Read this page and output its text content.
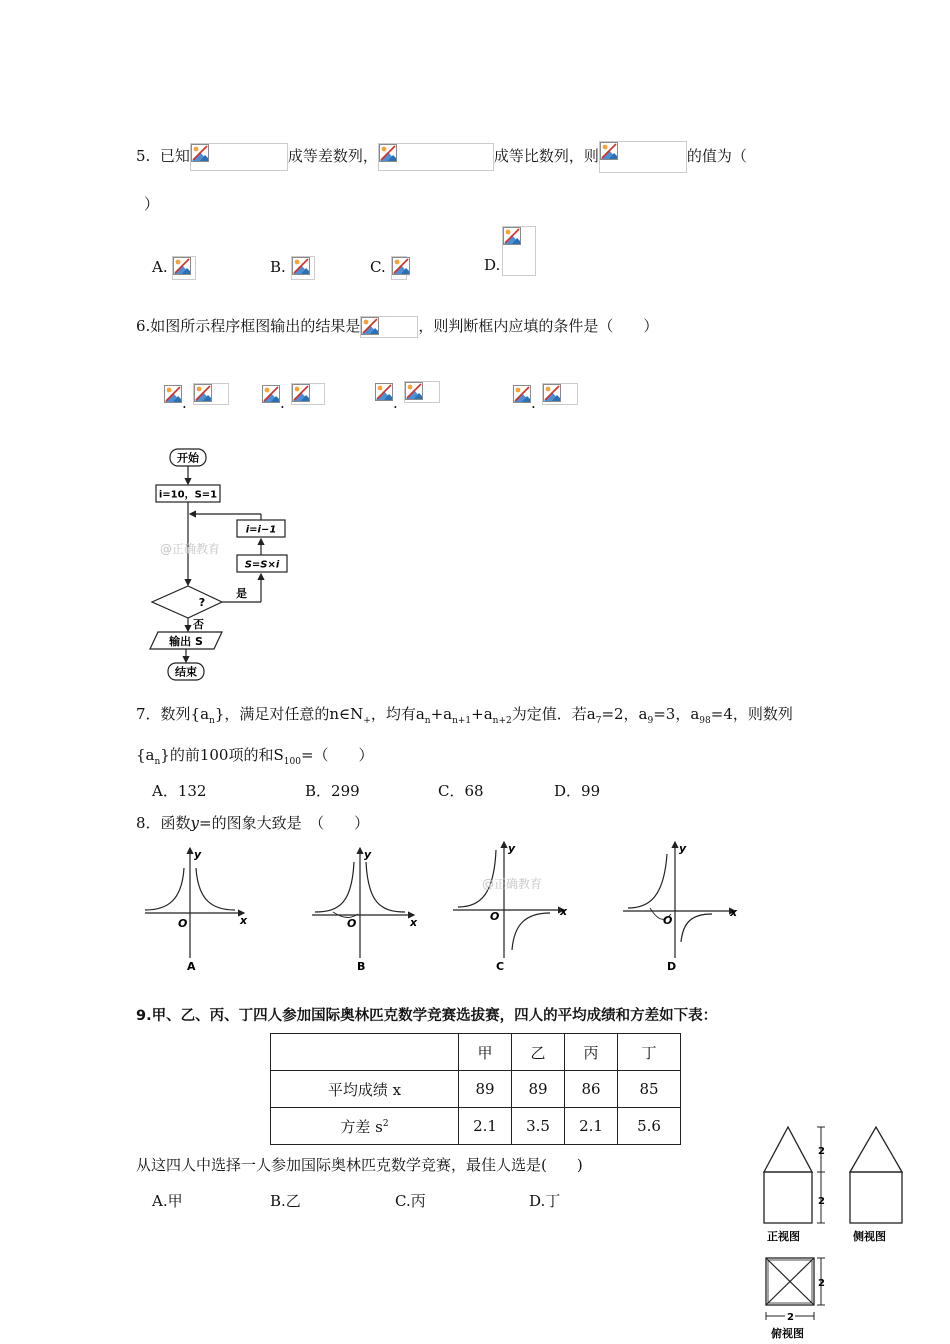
5. 已知	成等差数列，	成等比数列，则	的值为（
）
A.	B.	C.	D.
6.如图所示程序框图输出的结果是	，则判断框内应填的条件是（　　）
.	.	.	.
开始
i=10，S=1
i=i−1
S=S×i
@正确教育
?
是
否
输出 S
结束
7．数列$\{a_n\}$，满足对任意的$n\in N_+$，均有$a_n+a_{n+1}+a_{n+2}$为定值．若$a_7=2$，$a_9=3$，$a_{98}=4$，则数列
$\{a_n\}$的前100项的和$S_{100}=$（　　）
A．132	B．299	C．68	D．99
8．函数y=的图象大致是　（　　）
y
x
O
A
y
x
O
B
y
x
O
@正确教育
C
y
x
O
D
9.甲、乙、丙、丁四人参加国际奥林匹克数学竞赛选拔赛，四人的平均成绩和方差如下表：
	甲	乙	丙	丁
平均成绩 x	89	89	86	85
方差 $s^2$	2.1	3.5	2.1	5.6
从这四人中选择一人参加国际奥林匹克数学竞赛，最佳人选是(　　)
A.甲	B.乙	C.丙	D.丁
2
2
正视图	侧视图
2
2
俯视图
